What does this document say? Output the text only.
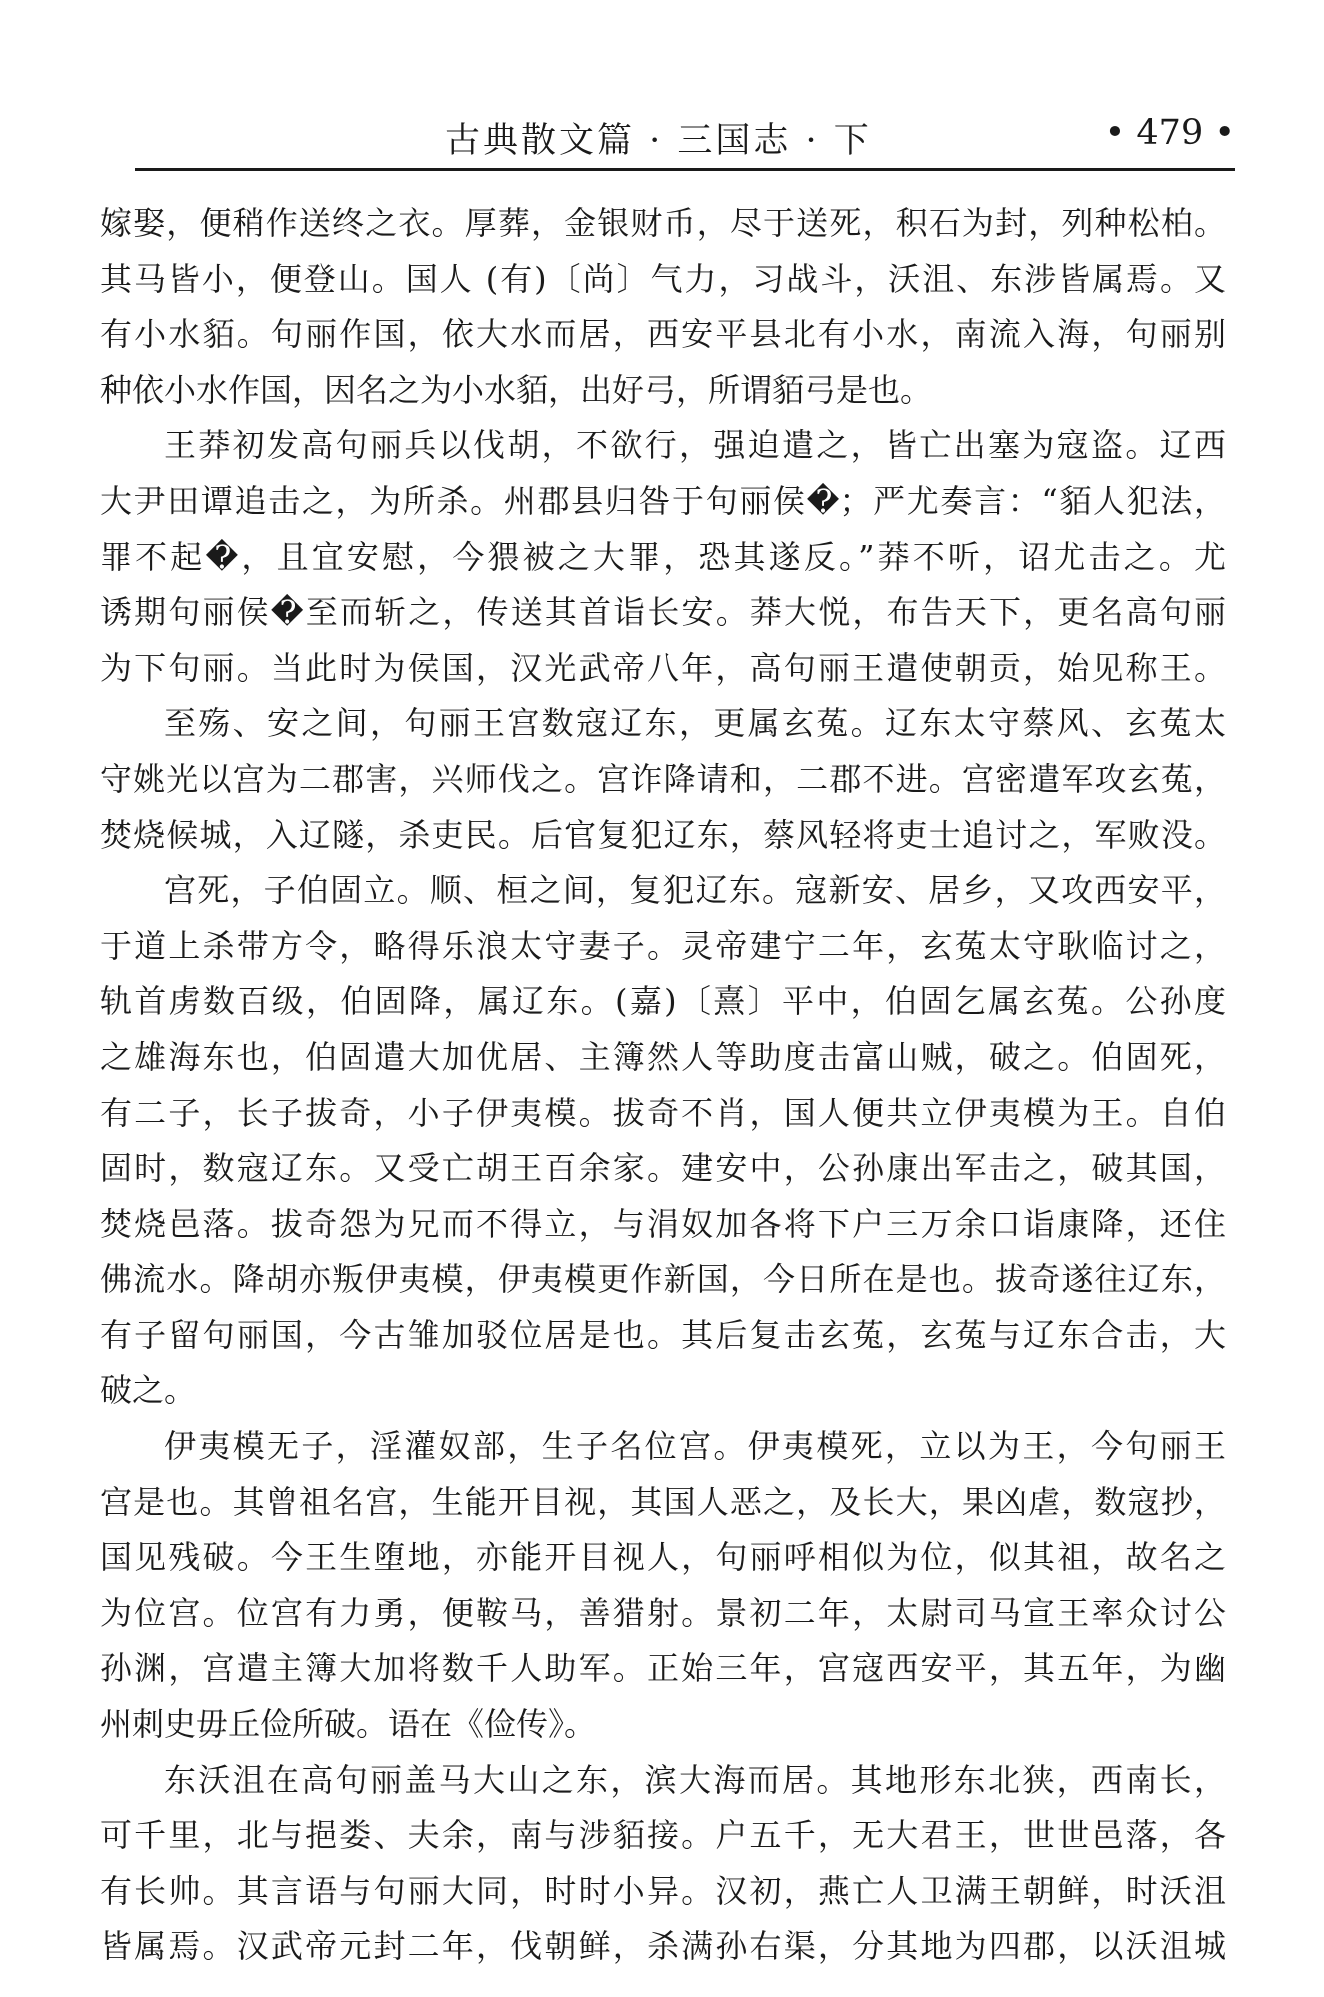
古典散文篇 · 三国志 · 下	• 479 •
嫁娶，便稍作送终之衣。厚葬，金银财币，尽于送死，积石为封，列种松柏。
其马皆小，便登山。国人 (有)〔尚〕气力，习战斗，沃沮、东涉皆属焉。又
有小水貊。句丽作国，依大水而居，西安平县北有小水，南流入海，句丽别
种依小水作国，因名之为小水貊，出好弓，所谓貊弓是也。
王莽初发高句丽兵以伐胡，不欲行，强迫遣之，皆亡出塞为寇盗。辽西
大尹田谭追击之，为所杀。州郡县归咎于句丽侯�；严尤奏言：“貊人犯法，
罪不起�，且宜安慰，今猥被之大罪，恐其遂反。”莽不听，诏尤击之。尤
诱期句丽侯�至而斩之，传送其首诣长安。莽大悦，布告天下，更名高句丽
为下句丽。当此时为侯国，汉光武帝八年，高句丽王遣使朝贡，始见称王。
至殇、安之间，句丽王宫数寇辽东，更属玄菟。辽东太守蔡风、玄菟太
守姚光以宫为二郡害，兴师伐之。宫诈降请和，二郡不进。宫密遣军攻玄菟，
焚烧候城，入辽隧，杀吏民。后官复犯辽东，蔡风轻将吏士追讨之，军败没。
宫死，子伯固立。顺、桓之间，复犯辽东。寇新安、居乡，又攻西安平，
于道上杀带方令，略得乐浪太守妻子。灵帝建宁二年，玄菟太守耿临讨之，
轨首虏数百级，伯固降，属辽东。(嘉)〔熹〕平中，伯固乞属玄菟。公孙度
之雄海东也，伯固遣大加优居、主簿然人等助度击富山贼，破之。伯固死，
有二子，长子拔奇，小子伊夷模。拔奇不肖，国人便共立伊夷模为王。自伯
固时，数寇辽东。又受亡胡王百余家。建安中，公孙康出军击之，破其国，
焚烧邑落。拔奇怨为兄而不得立，与涓奴加各将下户三万余口诣康降，还住
佛流水。降胡亦叛伊夷模，伊夷模更作新国，今日所在是也。拔奇遂往辽东，
有子留句丽国，今古雏加驳位居是也。其后复击玄菟，玄菟与辽东合击，大
破之。
伊夷模无子，淫灌奴部，生子名位宫。伊夷模死，立以为王，今句丽王
宫是也。其曾祖名宫，生能开目视，其国人恶之，及长大，果凶虐，数寇抄，
国见残破。今王生堕地，亦能开目视人，句丽呼相似为位，似其祖，故名之
为位宫。位宫有力勇，便鞍马，善猎射。景初二年，太尉司马宣王率众讨公
孙渊，宫遣主簿大加将数千人助军。正始三年，宫寇西安平，其五年，为幽
州刺史毋丘俭所破。语在《俭传》。
东沃沮在高句丽盖马大山之东，滨大海而居。其地形东北狭，西南长，
可千里，北与挹娄、夫余，南与涉貊接。户五千，无大君王，世世邑落，各
有长帅。其言语与句丽大同，时时小异。汉初，燕亡人卫满王朝鲜，时沃沮
皆属焉。汉武帝元封二年，伐朝鲜，杀满孙右渠，分其地为四郡，以沃沮城
